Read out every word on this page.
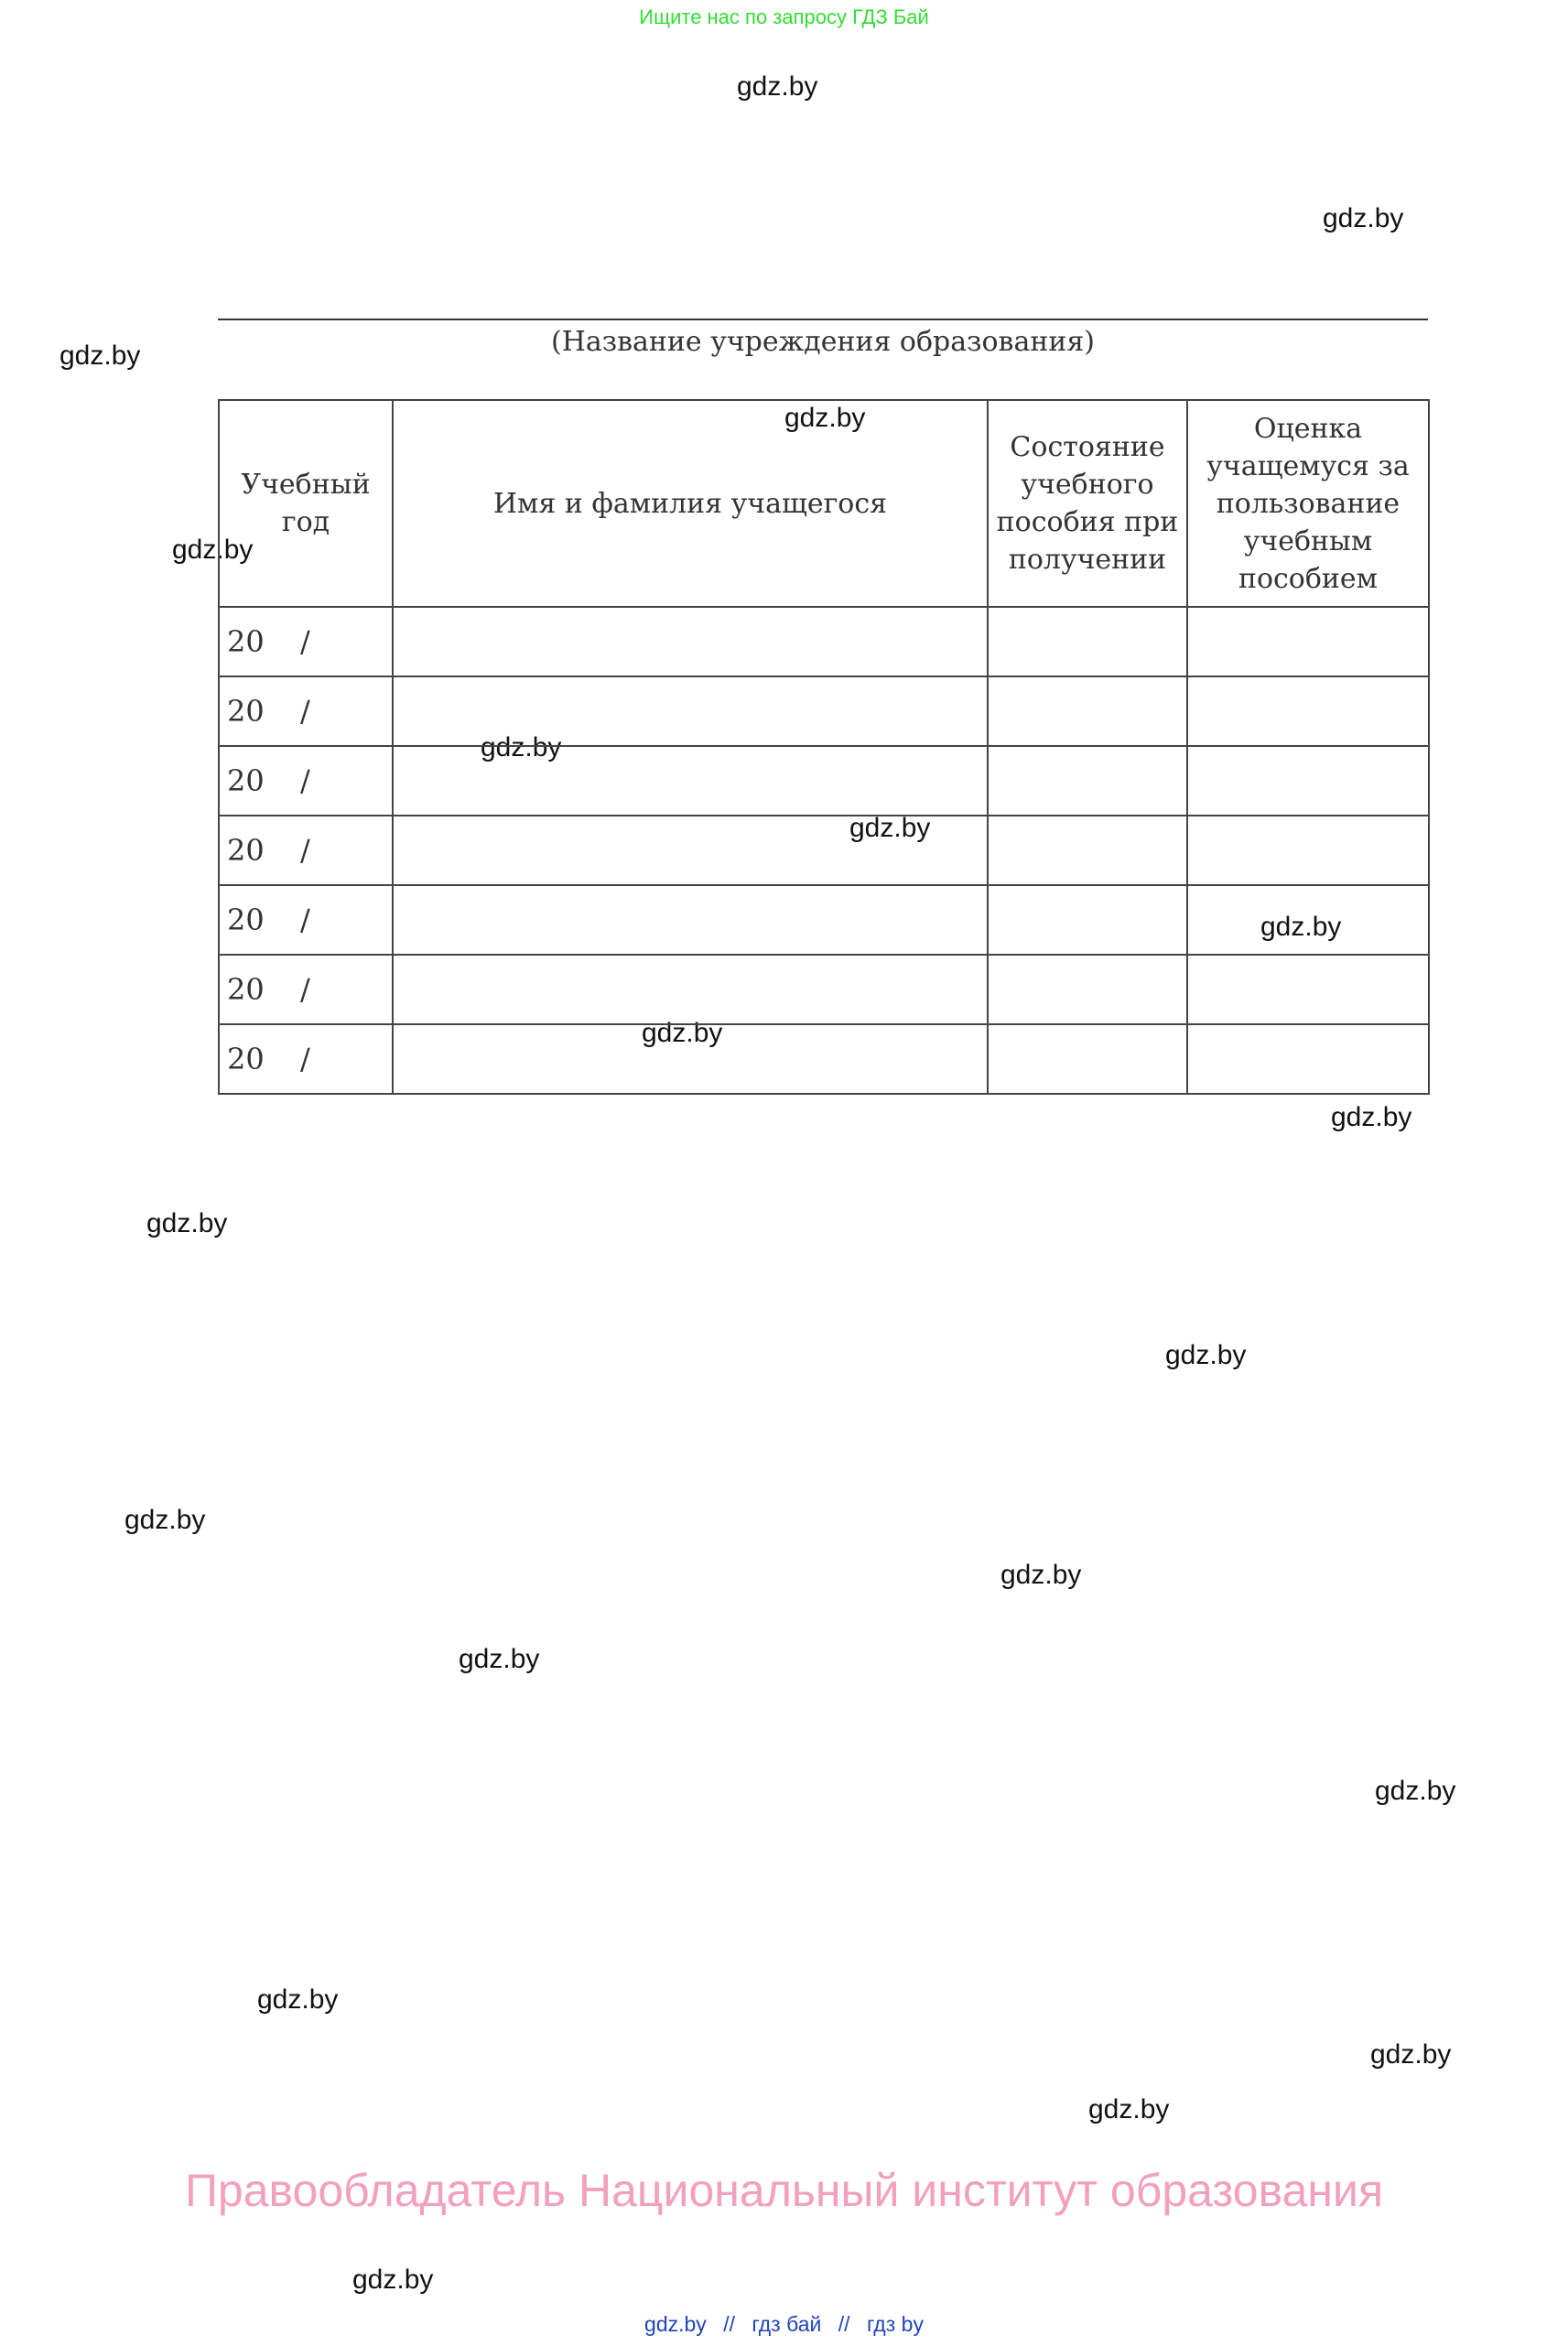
Ищите нас по запросу ГДЗ Бай
gdz.by
gdz.by
gdz.by
gdz.by
gdz.by
gdz.by
gdz.by
gdz.by
gdz.by
gdz.by
gdz.by
gdz.by
gdz.by
gdz.by
gdz.by
gdz.by
gdz.by
gdz.by
gdz.by
gdz.by
(Название учреждения образования)
Учебный год	Имя и фамилия учащегося	Состояние учебного пособия при получении	Оценка учащемуся за пользование учебным пособием
20 /			
20 /			
20 /			
20 /			
20 /			
20 /			
20 /			
Правообладатель Национальный институт образования
gdz.by // гдз бай // гдз by
